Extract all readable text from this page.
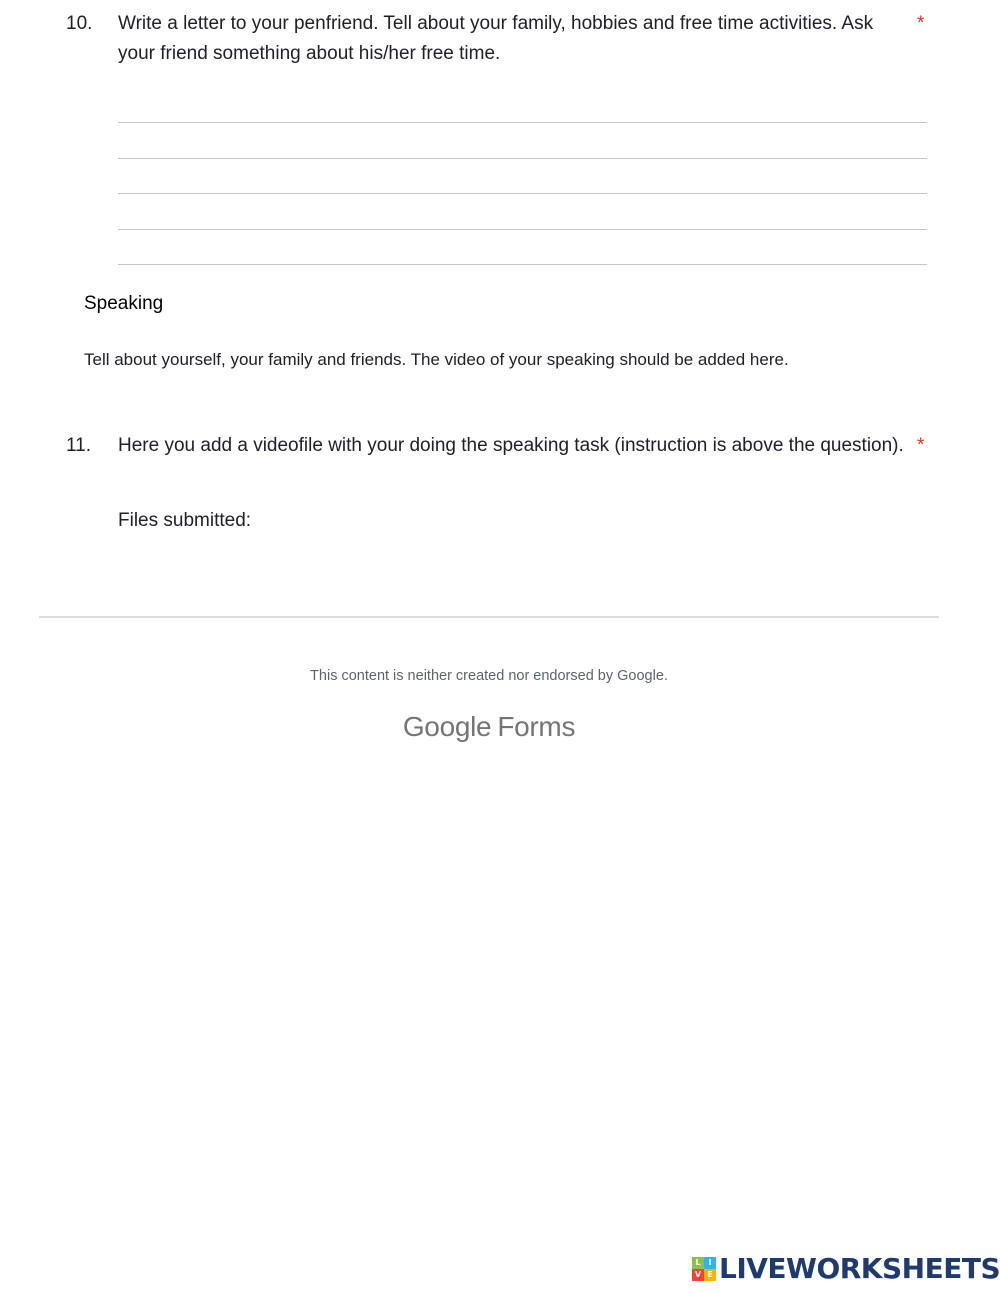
10. Write a letter to your penfriend. Tell about your family, hobbies and free time activities. Ask your friend something about his/her free time.
*
Speaking
Tell about yourself, your family and friends. The video of your speaking should be added here.
11. Here you add a videofile with your doing the speaking task (instruction is above the question). *
Files submitted:
This content is neither created nor endorsed by Google.
Google Forms
L I
V E LIVEWORKSHEETS
